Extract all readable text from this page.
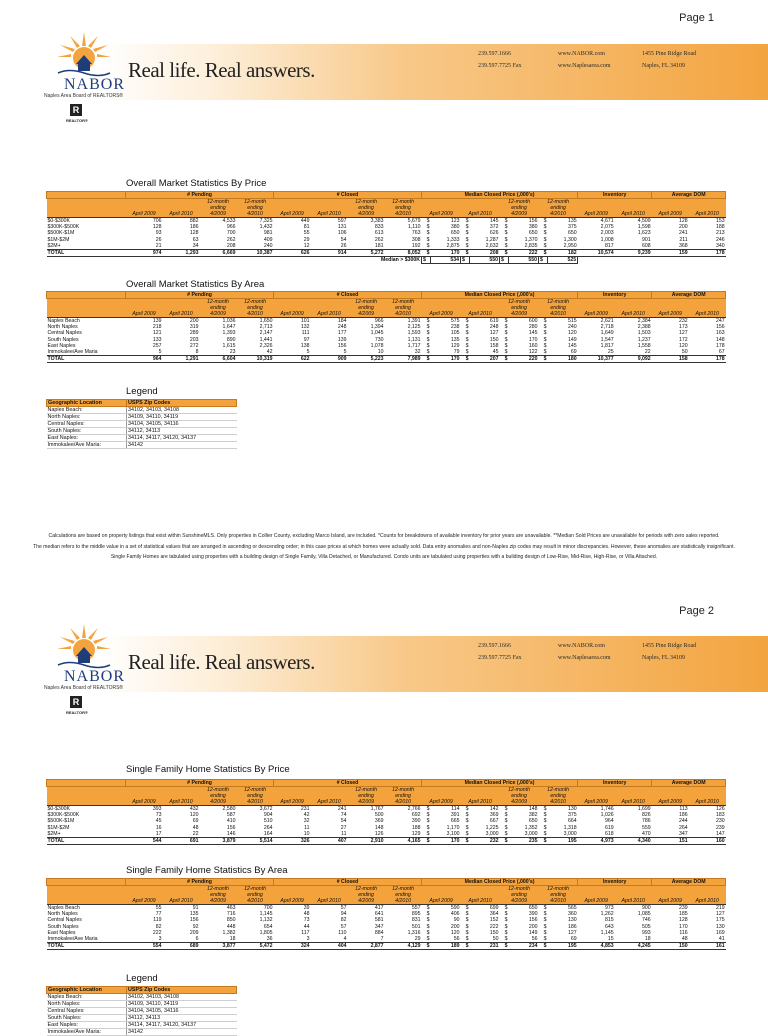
Page 1
NABOR
Naples Area Board of REALTORS®
R
REALTOR®
Real life. Real answers.
239.597.1666
239.597.7725 Fax
www.NABOR.com
www.Naplesarea.com
1455 Pine Ridge Road
Naples, FL 34109
Overall Market Statistics By Price
	# Pending				# Closed				Median Closed Price (,000's)								Inventory		Average DOM	
			12-month	12-month			12-month	12-month					12-month		12-month					
			ending	ending			ending	ending					ending		ending					
	April 2009	April 2010	4/2009	4/2010	April 2009	April 2010	4/2009	4/2010	April 2009		April 2010		4/2009		4/2010		April 2009	April 2010	April 2009	April 2010
$0-$300K	706	882	4,533	7,325	449	597	3,383	5,679	$	123	$	145	$	156	$	135	4,671	4,509	128	153
$300K-$500K	128	186	966	1,432	81	131	833	1,110	$	380	$	372	$	380	$	375	2,075	1,598	200	188
$500K-$1M	93	128	700	981	55	106	613	763	$	650	$	626	$	650	$	650	2,003	1,623	241	213
$1M-$2M	26	63	262	409	29	54	262	308	$	1,333	$	1,287	$	1,370	$	1,300	1,008	901	211	246
$2M+	21	34	208	240	12	26	181	192	$	2,875	$	2,632	$	2,835	$	2,950	817	608	368	340
TOTAL	974	1,293	6,669	10,387	626	914	5,272	8,052	$	170	$	208	$	222	$	182	10,574	9,239	159	178
Median > $300K									$	534	$	550	$	550	$	525				
Overall Market Statistics By Area
	# Pending				# Closed				Median Closed Price (,000's)								Inventory		Average DOM	
			12-month	12-month			12-month	12-month					12-month		12-month					
			ending	ending			ending	ending					ending		ending					
	April 2009	April 2010	4/2009	4/2010	April 2009	April 2010	4/2009	4/2010	April 2009		April 2010		4/2009		4/2010		April 2009	April 2010	April 2009	April 2010
Naples Beach	139	200	1,036	1,650	101	184	966	1,391	$	575	$	619	$	600	$	515	2,621	2,384	232	247
North Naples	218	319	1,647	2,713	132	248	1,394	2,125	$	238	$	248	$	280	$	240	2,718	2,388	173	156
Central Naples	121	289	1,393	2,147	111	177	1,045	1,593	$	105	$	127	$	145	$	120	1,649	1,503	127	163
South Naples	133	203	890	1,441	97	139	730	1,131	$	135	$	150	$	170	$	149	1,547	1,237	172	148
East Naples	257	272	1,615	2,326	138	156	1,078	1,717	$	129	$	158	$	160	$	145	1,817	1,558	120	178
Immokalee/Ave Maria	5	8	23	42	5	5	10	32	$	79	$	45	$	122	$	69	25	22	50	67
TOTAL	964	1,291	6,604	10,319	622	909	5,223	7,989	$	170	$	207	$	220	$	180	10,377	9,092	158	178
Legend
Geographic Location	USPS Zip Codes
Naples Beach:	34102, 34103, 34108
North Naples:	34109, 34110, 34119
Central Naples:	34104, 34105, 34116
South Naples:	34112, 34113
East Naples:	34114, 34117, 34120, 34137
Immokalee/Ave Maria:	34142
Calculations are based on property listings that exist within SunshineMLS. Only properties in Collier County, excluding Marco Island, are included. *Counts for breakdowns of available inventory for prior years are unavailable. **Median Sold Prices are unavailable for periods with zero sales reported.
The median refers to the middle value in a set of statistical values that are arranged in ascending or descending order; in this case prices at which homes were actually sold. Data entry anomalies and non-Naples zip codes may result in minor discrepancies. However, these anomalies are statistically insignificant.
Single Family Homes are tabulated using properties with a building design of Single Family, Villa Detached, or Manufactured. Condo units are tabulated using properties with a building design of Low-Rise, Mid-Rise, High-Rise, or Villa Attached.
Page 2
NABOR
Naples Area Board of REALTORS®
R
REALTOR®
Real life. Real answers.
239.597.1666
239.597.7725 Fax
www.NABOR.com
www.Naplesarea.com
1455 Pine Ridge Road
Naples, FL 34109
Single Family Home Statistics By Price
	# Pending				# Closed				Median Closed Price (,000's)								Inventory		Average DOM	
			12-month	12-month			12-month	12-month					12-month		12-month					
			ending	ending			ending	ending					ending		ending					
	April 2009	April 2010	4/2009	4/2010	April 2009	April 2010	4/2009	4/2010	April 2009		April 2010		4/2009		4/2010		April 2009	April 2010	April 2009	April 2010
$0-$300K	393	432	2,580	3,672	231	241	1,767	2,766	$	114	$	142	$	148	$	130	1,746	1,699	113	126
$300K-$500K	73	120	587	904	42	74	500	692	$	391	$	369	$	382	$	375	1,026	826	186	183
$500K-$1M	45	69	410	510	32	54	369	390	$	665	$	667	$	650	$	664	964	786	244	230
$1M-$2M	16	48	156	264	11	27	148	188	$	1,170	$	1,225	$	1,352	$	1,318	619	559	264	239
$2M+	17	22	146	164	10	11	126	129	$	3,100	$	3,000	$	3,000	$	3,000	618	470	347	147
TOTAL	544	691	3,879	5,514	326	407	2,910	4,165	$	170	$	232	$	235	$	195	4,973	4,340	151	160
Single Family Home Statistics By Area
	# Pending				# Closed				Median Closed Price (,000's)								Inventory		Average DOM	
			12-month	12-month			12-month	12-month					12-month		12-month					
			ending	ending			ending	ending					ending		ending					
	April 2009	April 2010	4/2009	4/2010	April 2009	April 2010	4/2009	4/2010	April 2009		April 2010		4/2009		4/2010		April 2009	April 2010	April 2009	April 2010
Naples Beach	55	91	463	700	39	57	417	557	$	590	$	699	$	650	$	565	973	900	239	219
North Naples	77	135	716	1,145	48	94	641	895	$	406	$	364	$	390	$	360	1,262	1,085	185	127
Central Naples	119	156	850	1,132	73	82	581	831	$	90	$	152	$	156	$	130	815	746	128	175
South Naples	82	92	448	654	44	57	347	501	$	200	$	222	$	200	$	186	643	505	170	130
East Naples	222	209	1,382	1,805	117	110	884	1,316	$	120	$	150	$	149	$	127	1,145	993	116	169
Immokalee/Ave Maria	3	6	18	36	3	4	7	29	$	56	$	50	$	56	$	69	15	18	48	41
TOTAL	554	689	3,877	5,472	324	404	2,877	4,129	$	189	$	231	$	234	$	195	4,853	4,245	150	161
Legend
Geographic Location	USPS Zip Codes
Naples Beach:	34102, 34103, 34108
North Naples:	34109, 34110, 34119
Central Naples:	34104, 34105, 34116
South Naples:	34112, 34113
East Naples:	34114, 34117, 34120, 34137
Immokalee/Ave Maria:	34142
